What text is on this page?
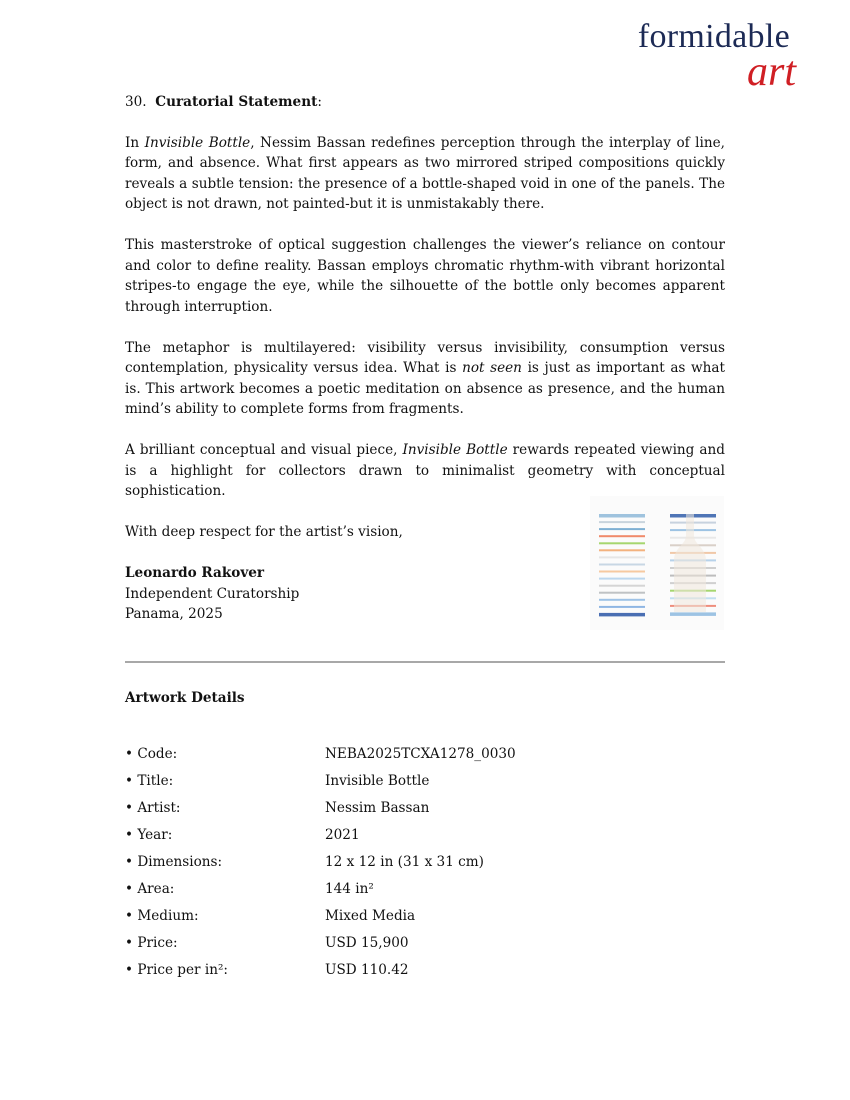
formidable
art
30. Curatorial Statement:

In Invisible Bottle, Nessim Bassan redefines perception through the interplay of line, form, and absence. What first appears as two mirrored striped compositions quickly reveals a subtle tension: the presence of a bottle-shaped void in one of the panels. The object is not drawn, not painted-but it is unmistakably there.

This masterstroke of optical suggestion challenges the viewer’s reliance on contour and color to define reality. Bassan employs chromatic rhythm-with vibrant horizontal stripes-to engage the eye, while the silhouette of the bottle only becomes apparent through interruption.

The metaphor is multilayered: visibility versus invisibility, consumption versus contemplation, physicality versus idea. What is not seen is just as important as what is. This artwork becomes a poetic meditation on absence as presence, and the human mind’s ability to complete forms from fragments.

A brilliant conceptual and visual piece, Invisible Bottle rewards repeated viewing and is a highlight for collectors drawn to minimalist geometry with conceptual sophistication.

With deep respect for the artist’s vision,
Leonardo Rakover
Independent Curatorship
Panama, 2025
Artwork Details
• Code:	NEBA2025TCXA1278_0030
• Title:	Invisible Bottle
• Artist:	Nessim Bassan
• Year:	2021
• Dimensions:	12 x 12 in (31 x 31 cm)
• Area:	144 in²
• Medium:	Mixed Media
• Price:	USD 15,900
• Price per in²:	USD 110.42
